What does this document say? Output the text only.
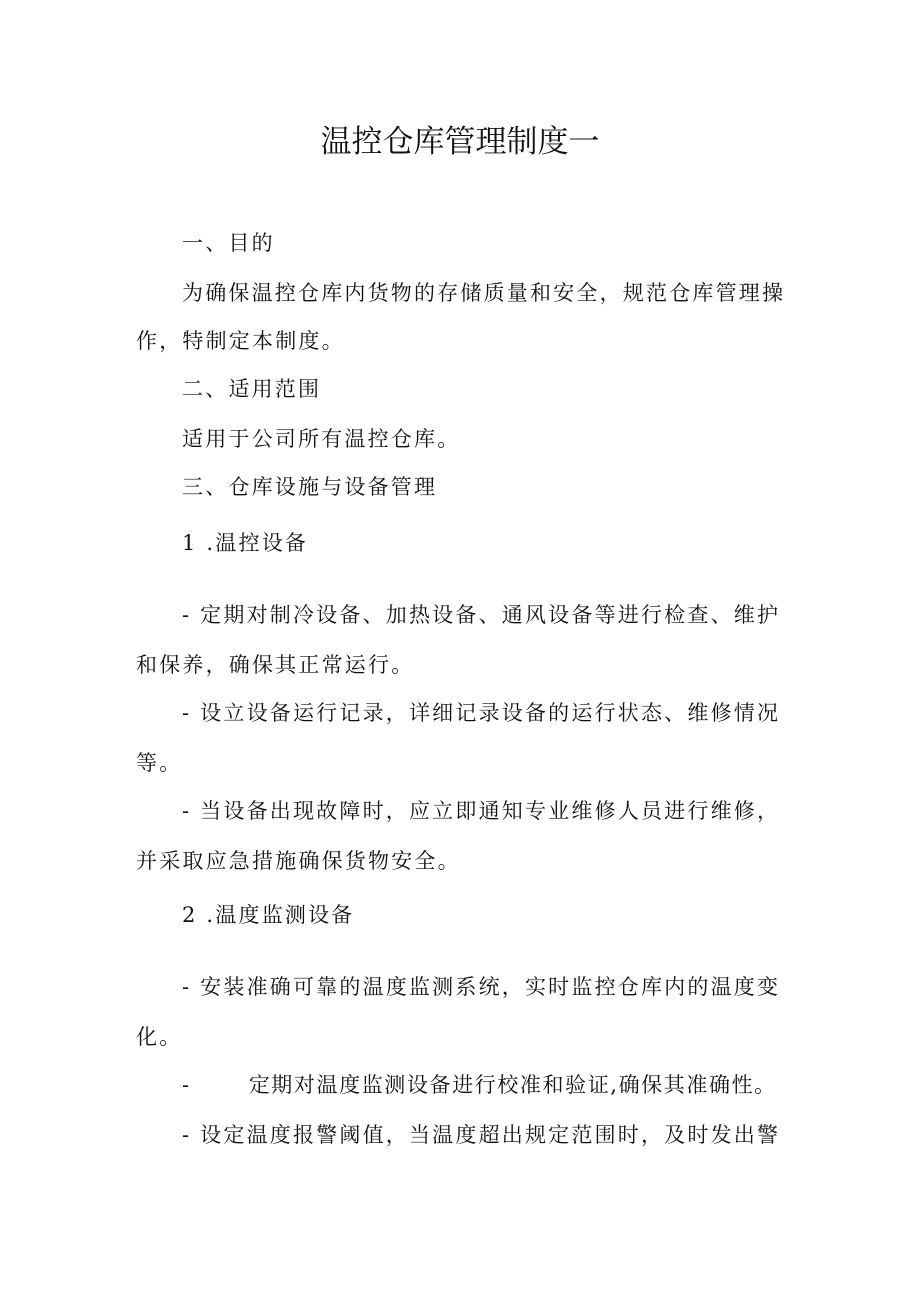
温控仓库管理制度一
一、目的
为确保温控仓库内货物的存储质量和安全，规范仓库管理操
作，特制定本制度。
二、适用范围
适用于公司所有温控仓库。
三、仓库设施与设备管理
1 .温控设备
- 定期对制冷设备、加热设备、通风设备等进行检查、维护
和保养，确保其正常运行。
- 设立设备运行记录，详细记录设备的运行状态、维修情况
等。
- 当设备出现故障时，应立即通知专业维修人员进行维修，
并采取应急措施确保货物安全。
2 .温度监测设备
- 安装准确可靠的温度监测系统，实时监控仓库内的温度变
化。
-	定期对温度监测设备进行校准和验证,确保其准确性。
- 设定温度报警阈值，当温度超出规定范围时，及时发出警
